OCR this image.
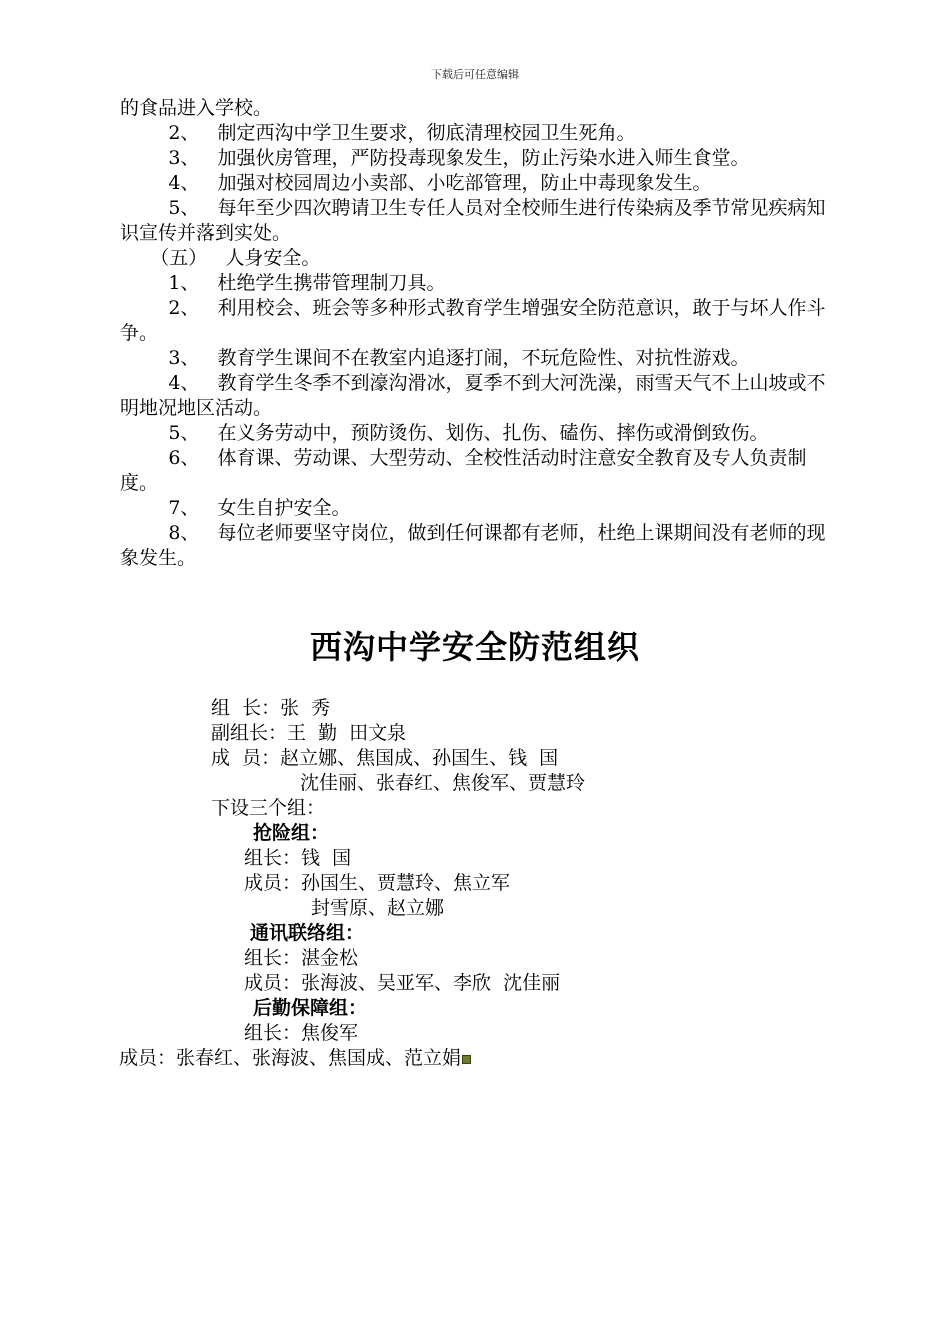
下载后可任意编辑

的食品进入学校。

2、   制定西沟中学卫生要求，彻底清理校园卫生死角。

3、   加强伙房管理，严防投毒现象发生，防止污染水进入师生食堂。

4、   加强对校园周边小卖部、小吃部管理，防止中毒现象发生。

5、   每年至少四次聘请卫生专任人员对全校师生进行传染病及季节常见疾病知识宣传并落到实处。

（五）   人身安全。

1、   杜绝学生携带管理制刀具。

2、   利用校会、班会等多种形式教育学生增强安全防范意识，敢于与坏人作斗争。

3、   教育学生课间不在教室内追逐打闹，不玩危险性、对抗性游戏。

4、   教育学生冬季不到濠沟滑冰，夏季不到大河洗澡，雨雪天气不上山坡或不明地况地区活动。

5、   在义务劳动中，预防烫伤、划伤、扎伤、磕伤、摔伤或滑倒致伤。

6、   体育课、劳动课、大型劳动、全校性活动时注意安全教育及专人负责制度。

7、   女生自护安全。

8、   每位老师要坚守岗位，做到任何课都有老师，杜绝上课期间没有老师的现象发生。

西沟中学安全防范组织
组  长：张  秀
副组长：王  勤  田文泉
成  员：赵立娜、焦国成、孙国生、钱  国
沈佳丽、张春红、焦俊军、贾慧玲
下设三个组：
抢险组：
组长：钱  国
成员：孙国生、贾慧玲、焦立军
封雪原、赵立娜
通讯联络组：
组长：湛金松
成员：张海波、吴亚军、李欣  沈佳丽
后勤保障组：
组长：焦俊军
成员：张春红、张海波、焦国成、范立娟
